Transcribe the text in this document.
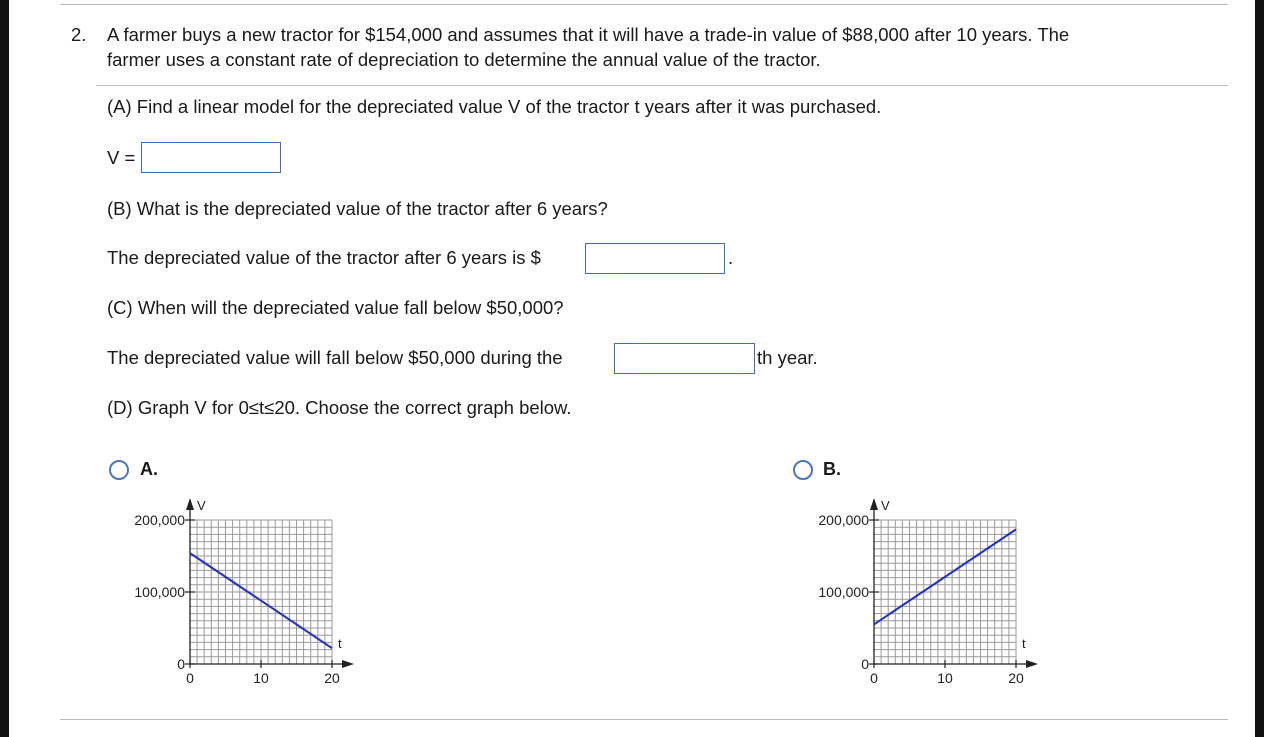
2. A farmer buys a new tractor for $154,000 and assumes that it will have a trade-in value of $88,000 after 10 years. The
farmer uses a constant rate of depreciation to determine the annual value of the tractor.
(A) Find a linear model for the depreciated value V of the tractor t years after it was purchased.
V =
(B) What is the depreciated value of the tractor after 6 years?
The depreciated value of the tractor after 6 years is $	.
(C) When will the depreciated value fall below $50,000?
The depreciated value will fall below $50,000 during the	th year.
(D) Graph V for 0≤t≤20. Choose the correct graph below.
A.
V
t
0	10	20
0
100,000
200,000
B.
V
t
0	10	20
0
100,000
200,000
